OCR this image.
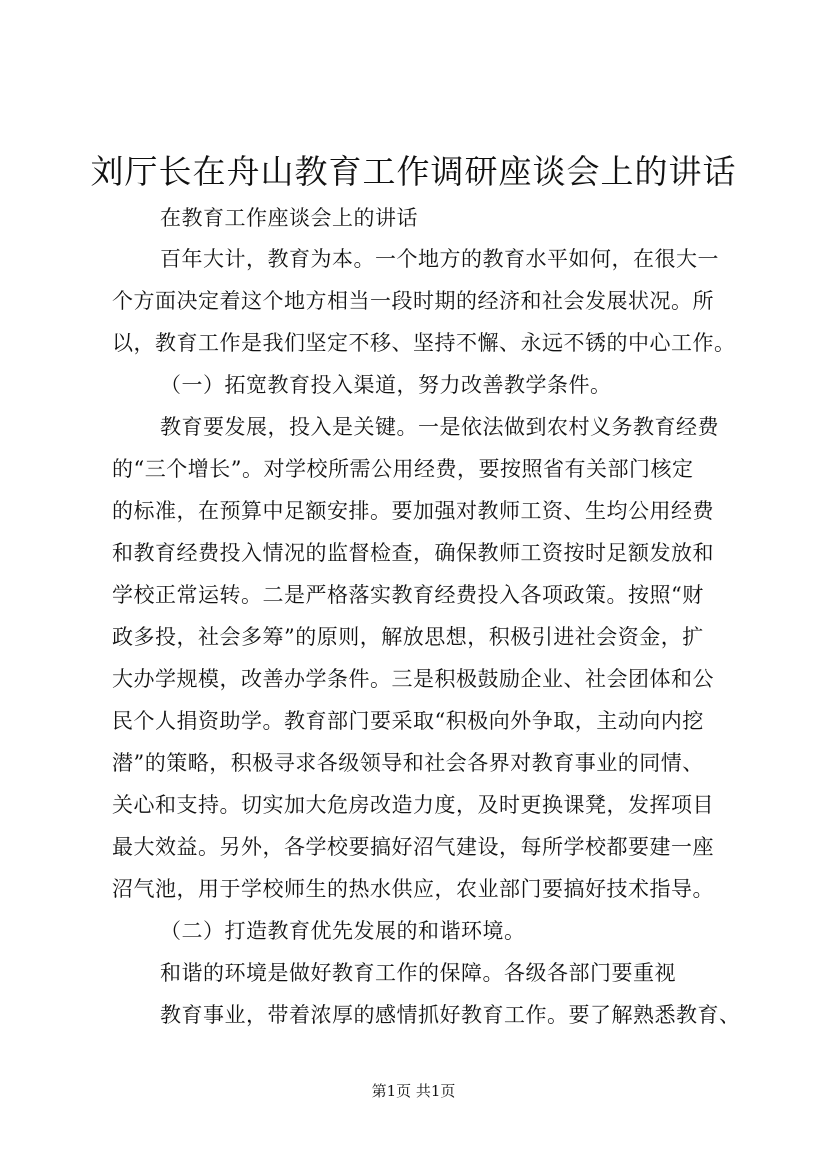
刘厅长在舟山教育工作调研座谈会上的讲话
在教育工作座谈会上的讲话
百年大计，教育为本。一个地方的教育水平如何，在很大一
个方面决定着这个地方相当一段时期的经济和社会发展状况。所
以，教育工作是我们坚定不移、坚持不懈、永远不锈的中心工作。
（一）拓宽教育投入渠道，努力改善教学条件。
教育要发展，投入是关键。一是依法做到农村义务教育经费
的“三个增长”。对学校所需公用经费，要按照省有关部门核定
的标准，在预算中足额安排。要加强对教师工资、生均公用经费
和教育经费投入情况的监督检查，确保教师工资按时足额发放和
学校正常运转。二是严格落实教育经费投入各项政策。按照“财
政多投，社会多筹”的原则，解放思想，积极引进社会资金，扩
大办学规模，改善办学条件。三是积极鼓励企业、社会团体和公
民个人捐资助学。教育部门要采取“积极向外争取，主动向内挖
潜”的策略，积极寻求各级领导和社会各界对教育事业的同情、
关心和支持。切实加大危房改造力度，及时更换课凳，发挥项目
最大效益。另外，各学校要搞好沼气建设，每所学校都要建一座
沼气池，用于学校师生的热水供应，农业部门要搞好技术指导。
（二）打造教育优先发展的和谐环境。
和谐的环境是做好教育工作的保障。各级各部门要重视
教育事业，带着浓厚的感情抓好教育工作。要了解熟悉教育、
第1页 共1页
